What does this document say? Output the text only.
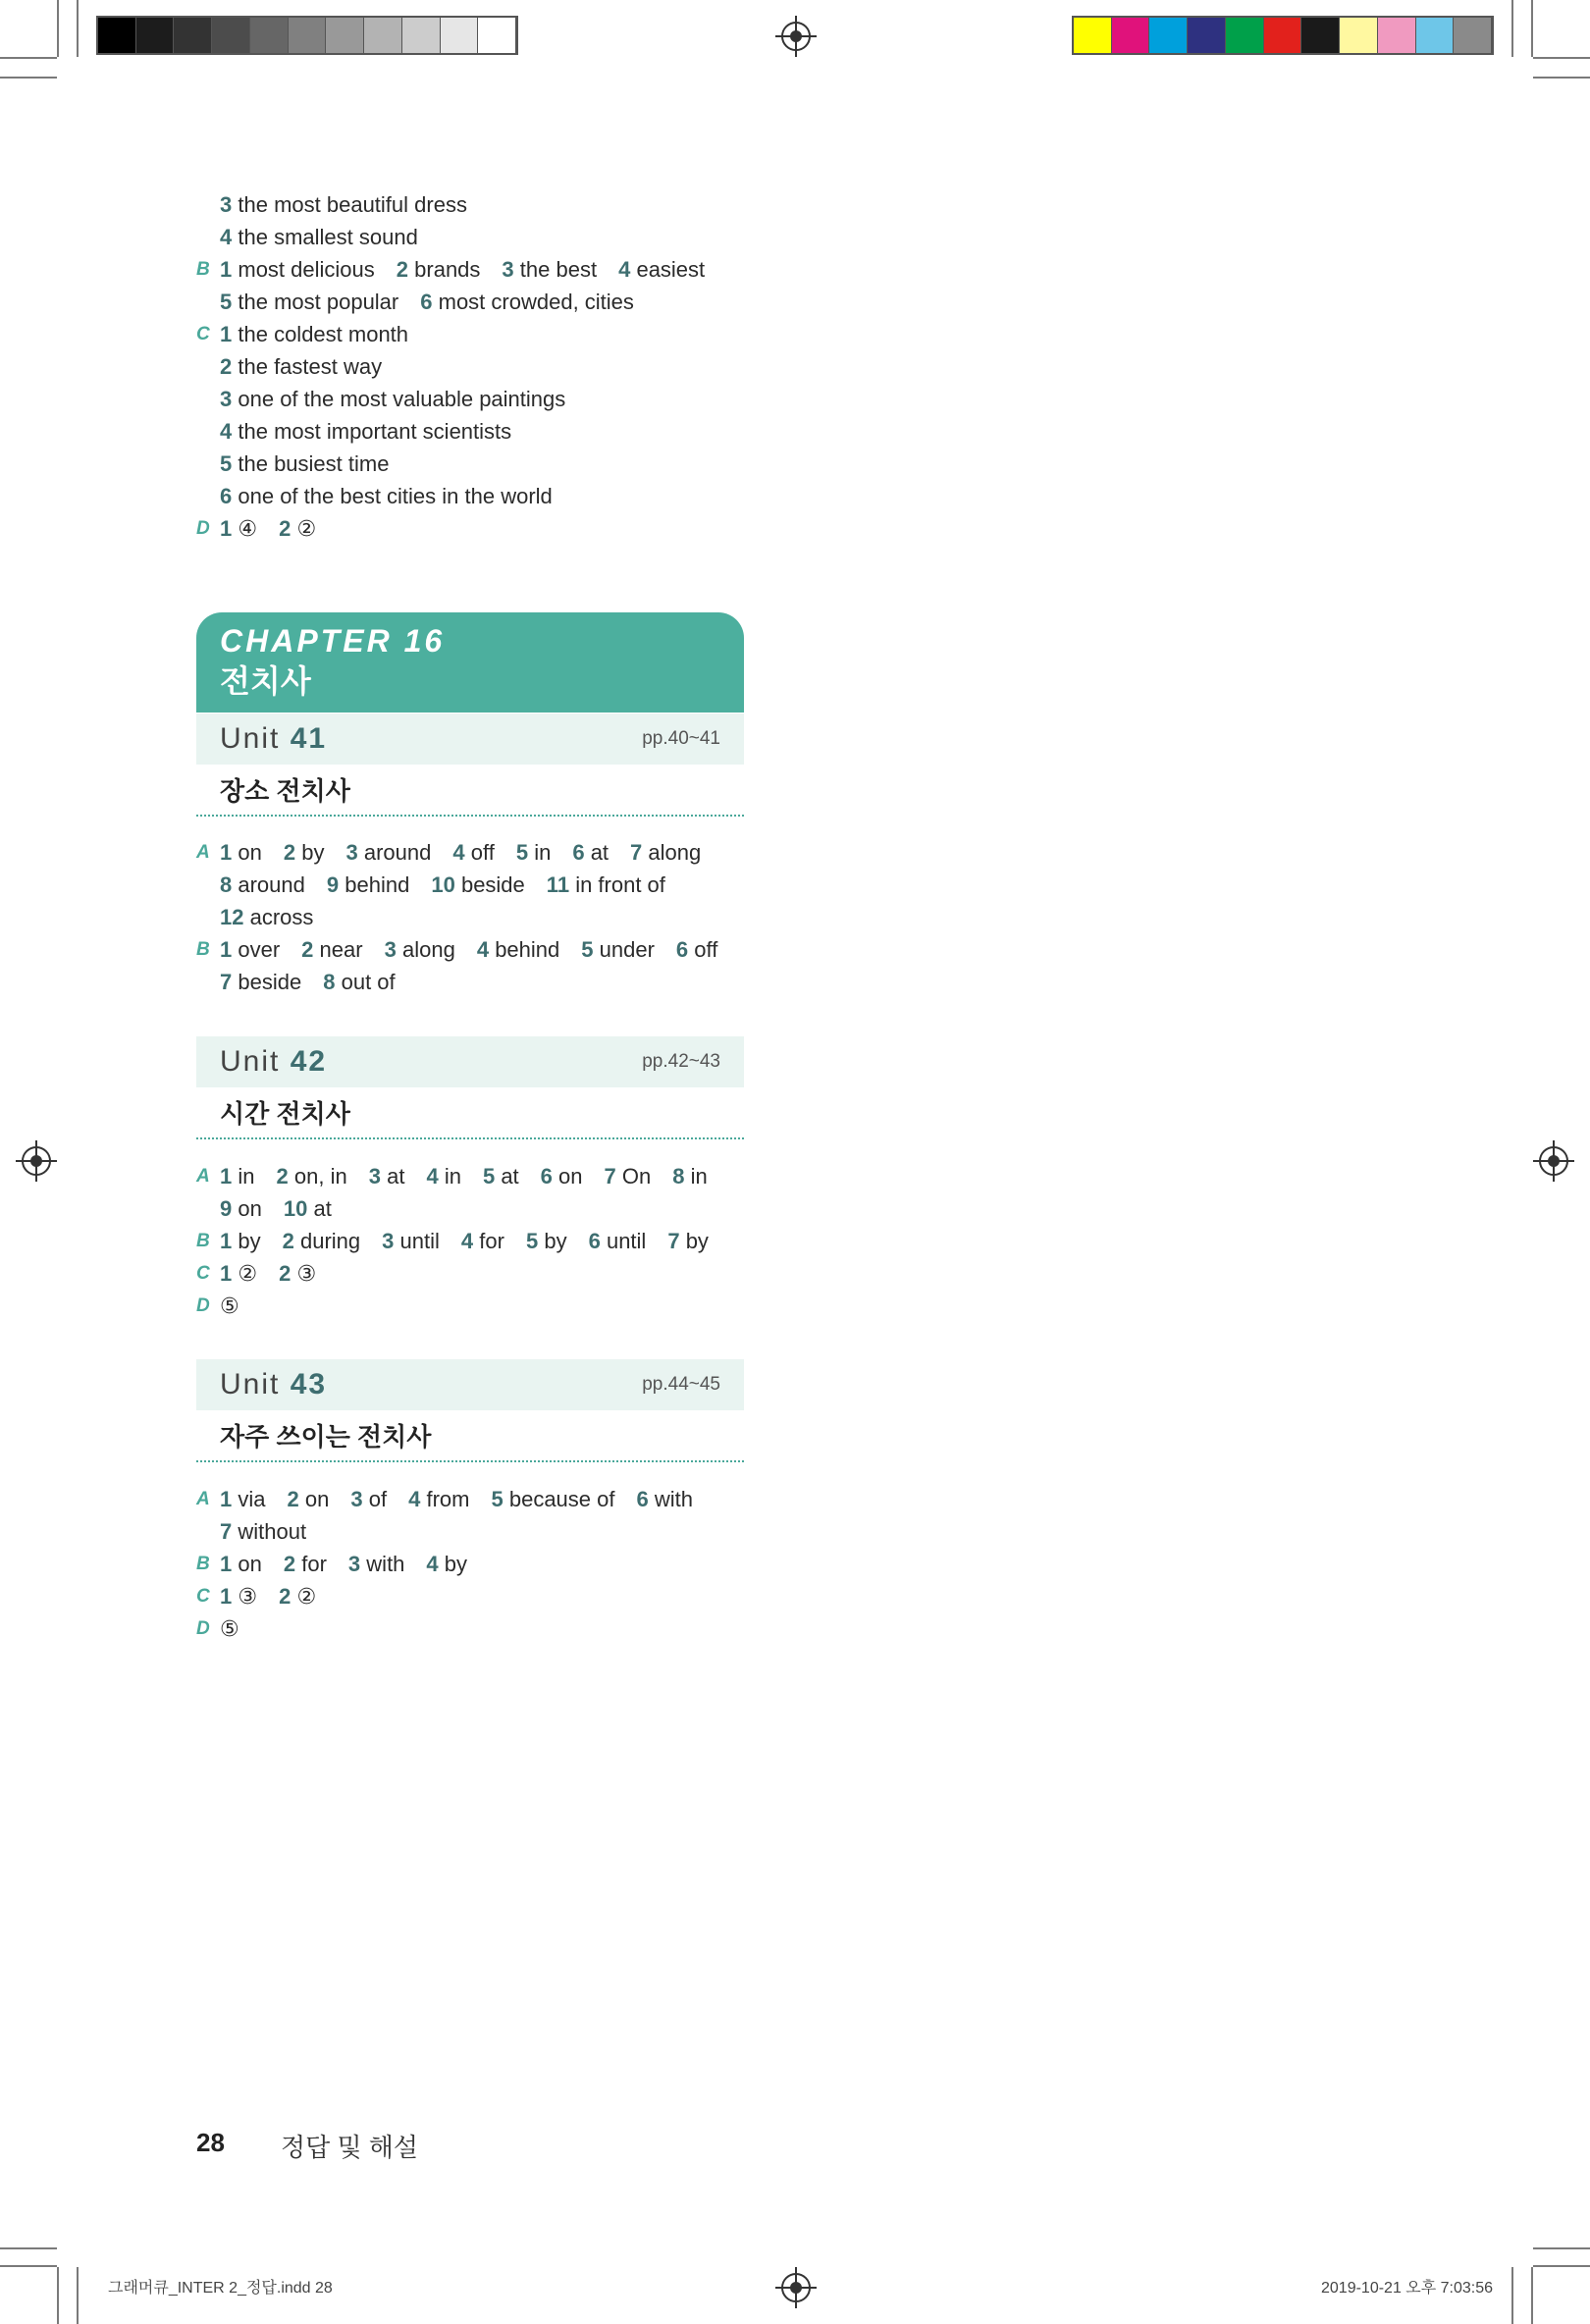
3 the most beautiful dress
4 the smallest sound
B 1 most delicious 2 brands 3 the best 4 easiest
5 the most popular 6 most crowded, cities
C 1 the coldest month
2 the fastest way
3 one of the most valuable paintings
4 the most important scientists
5 the busiest time
6 one of the best cities in the world
D 1 ④ 2 ②
CHAPTER 16
전치사
Unit 41	pp.40~41
장소 전치사
A 1 on 2 by 3 around 4 off 5 in 6 at 7 along
8 around 9 behind 10 beside 11 in front of
12 across
B 1 over 2 near 3 along 4 behind 5 under 6 off
7 beside 8 out of
Unit 42	pp.42~43
시간 전치사
A 1 in 2 on, in 3 at 4 in 5 at 6 on 7 On 8 in
9 on 10 at
B 1 by 2 during 3 until 4 for 5 by 6 until 7 by
C 1 ② 2 ③
D ⑤
Unit 43	pp.44~45
자주 쓰이는 전치사
A 1 via 2 on 3 of 4 from 5 because of 6 with
7 without
B 1 on 2 for 3 with 4 by
C 1 ③ 2 ②
D ⑤
28 정답 및 해설
그래머큐_INTER 2_정답.indd 28	2019-10-21 오후 7:03:56
